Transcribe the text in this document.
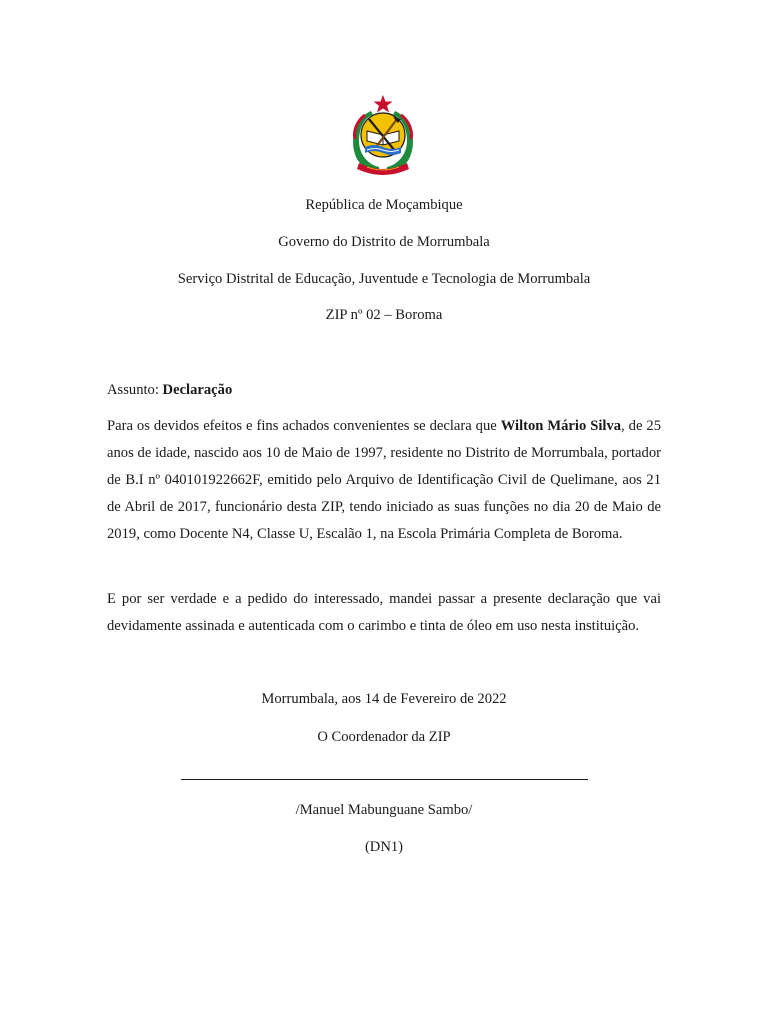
República de Moçambique
Governo do Distrito de Morrumbala
Serviço Distrital de Educação, Juventude e Tecnologia de Morrumbala
ZIP nº 02 – Boroma
Assunto: Declaração

Para os devidos efeitos e fins achados convenientes se declara que Wilton Mário Silva, de 25 anos de idade, nascido aos 10 de Maio de 1997, residente no Distrito de Morrumbala, portador de B.I nº 040101922662F, emitido pelo Arquivo de Identificação Civil de Quelimane, aos 21 de Abril de 2017, funcionário desta ZIP, tendo iniciado as suas funções no dia 20 de Maio de 2019, como Docente N4, Classe U, Escalão 1, na Escola Primária Completa de Boroma.

E por ser verdade e a pedido do interessado, mandei passar a presente declaração que vai devidamente assinada e autenticada com o carimbo e tinta de óleo em uso nesta instituição.

Morrumbala, aos 14 de Fevereiro de 2022
O Coordenador da ZIP
/Manuel Mabunguane Sambo/
(DN1)
